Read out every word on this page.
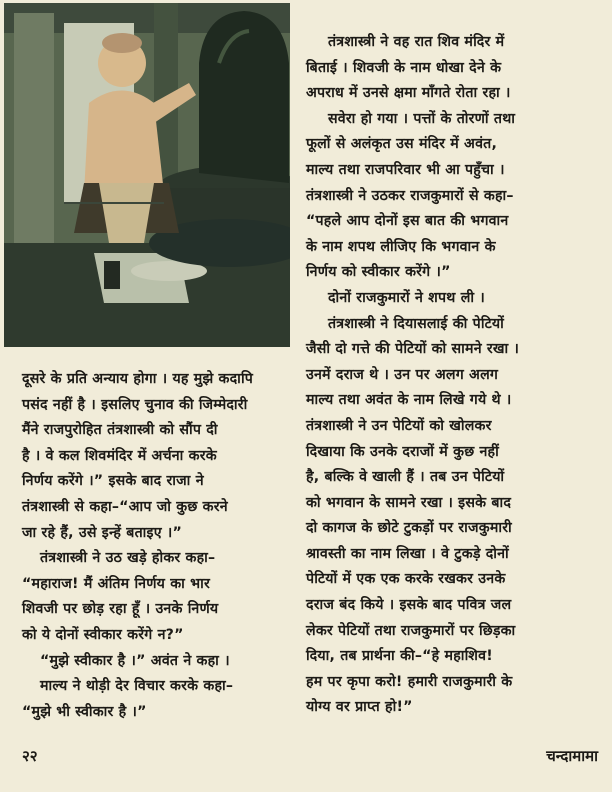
तंत्रशास्त्री ने वह रात शिव मंदिर में

बिताई । शिवजी के नाम धोखा देने के

अपराध में उनसे क्षमा माँगते रोता रहा ।

सवेरा हो गया । पत्तों के तोरणों तथा

फूलों से अलंकृत उस मंदिर में अवंत,

माल्य तथा राजपरिवार भी आ पहुँचा ।

तंत्रशास्त्री ने उठकर राजकुमारों से कहा–

“पहले आप दोनों इस बात की भगवान

के नाम शपथ लीजिए कि भगवान के

निर्णय को स्वीकार करेंगे ।”

दोनों राजकुमारों ने शपथ ली ।

तंत्रशास्त्री ने दियासलाई की पेटियों

जैसी दो गत्ते की पेटियों को सामने रखा ।

उनमें दराज थे । उन पर अलग अलग

माल्य तथा अवंत के नाम लिखे गये थे ।

तंत्रशास्त्री ने उन पेटियों को खोलकर

दिखाया कि उनके दराजों में कुछ नहीं

है, बल्कि वे खाली हैं । तब उन पेटियों

को भगवान के सामने रखा । इसके बाद

दो कागज के छोटे टुकड़ों पर राजकुमारी

श्रावस्ती का नाम लिखा । वे टुकड़े दोनों

पेटियों में एक एक करके रखकर उनके

दराज बंद किये । इसके बाद पवित्र जल

लेकर पेटियों तथा राजकुमारों पर छिड़का

दिया, तब प्रार्थना की–“हे महाशिव!

हम पर कृपा करो! हमारी राजकुमारी के

योग्य वर प्राप्त हो!”

दूसरे के प्रति अन्याय होगा । यह मुझे कदापि

पसंद नहीं है । इसलिए चुनाव की जिम्मेदारी

मैंने राजपुरोहित तंत्रशास्त्री को सौंप दी

है । वे कल शिवमंदिर में अर्चना करके

निर्णय करेंगे ।” इसके बाद राजा ने

तंत्रशास्त्री से कहा–“आप जो कुछ करने

जा रहे हैं, उसे इन्हें बताइए ।”

तंत्रशास्त्री ने उठ खड़े होकर कहा–

“महाराज! मैं अंतिम निर्णय का भार

शिवजी पर छोड़ रहा हूँ । उनके निर्णय

को ये दोनों स्वीकार करेंगे न?”

“मुझे स्वीकार है ।” अवंत ने कहा ।

माल्य ने थोड़ी देर विचार करके कहा–

“मुझे भी स्वीकार है ।”

२२	चन्दामामा
